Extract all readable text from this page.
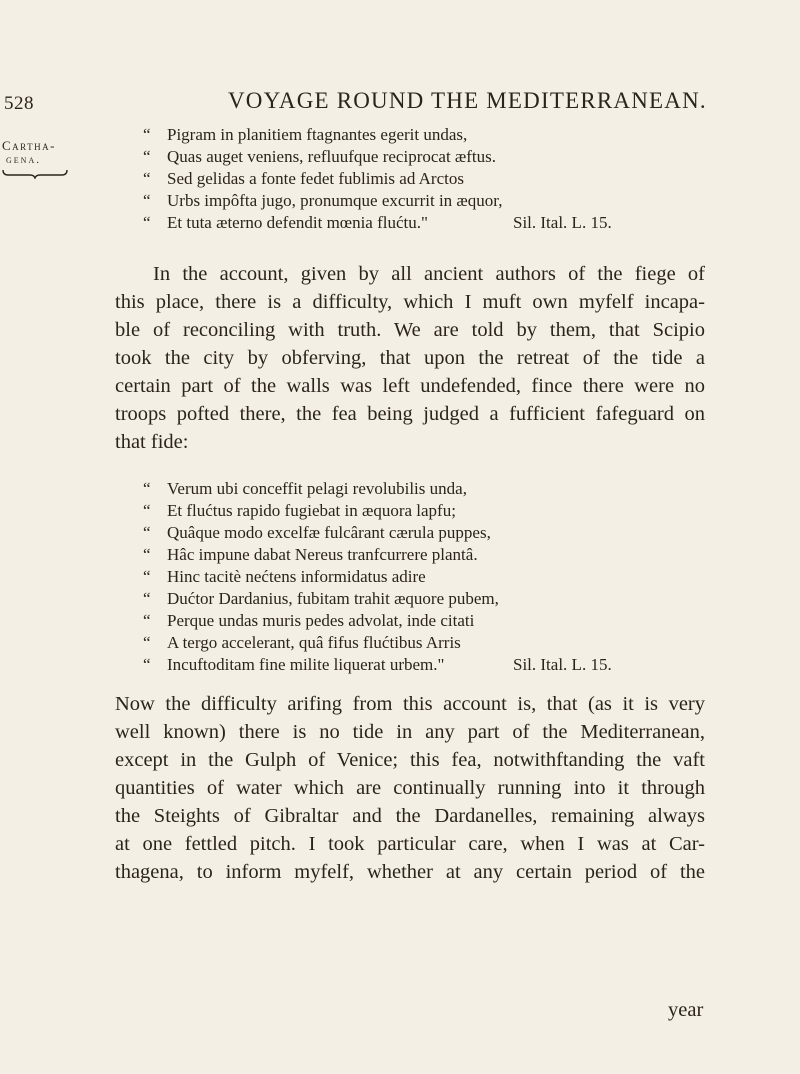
528	VOYAGE ROUND THE MEDITERRANEAN.
Cartha-
gena.
“ Pigram in planitiem ftagnantes egerit undas,
“ Quas auget veniens, refluufque reciprocat æftus.
“ Sed gelidas a fonte fedet fublimis ad Arctos
“ Urbs impôfta jugo, pronumque excurrit in æquor,
“ Et tuta æterno defendit mœnia flućtu."	Sil. Ital. L. 15.
In the account, given by all ancient authors of the fiege of
this place, there is a difficulty, which I muft own myfelf incapa-
ble of reconciling with truth. We are told by them, that Scipio
took the city by obferving, that upon the retreat of the tide a
certain part of the walls was left undefended, fince there were no
troops pofted there, the fea being judged a fufficient fafeguard on
that fide:
“ Verum ubi conceffit pelagi revolubilis unda,
“ Et flućtus rapido fugiebat in æquora lapfu;
“ Quâque modo excelfæ fulcârant cærula puppes,
“ Hâc impune dabat Nereus tranfcurrere plantâ.
“ Hinc tacitè nećtens informidatus adire
“ Dućtor Dardanius, fubitam trahit æquore pubem,
“ Perque undas muris pedes advolat, inde citati
“ A tergo accelerant, quâ fifus flućtibus Arris
“ Incuftoditam fine milite liquerat urbem."	Sil. Ital. L. 15.
Now the difficulty arifing from this account is, that (as it is very
well known) there is no tide in any part of the Mediterranean,
except in the Gulph of Venice; this fea, notwithftanding the vaft
quantities of water which are continually running into it through
the Steights of Gibraltar and the Dardanelles, remaining always
at one fettled pitch. I took particular care, when I was at Car-
thagena, to inform myfelf, whether at any certain period of the
year
